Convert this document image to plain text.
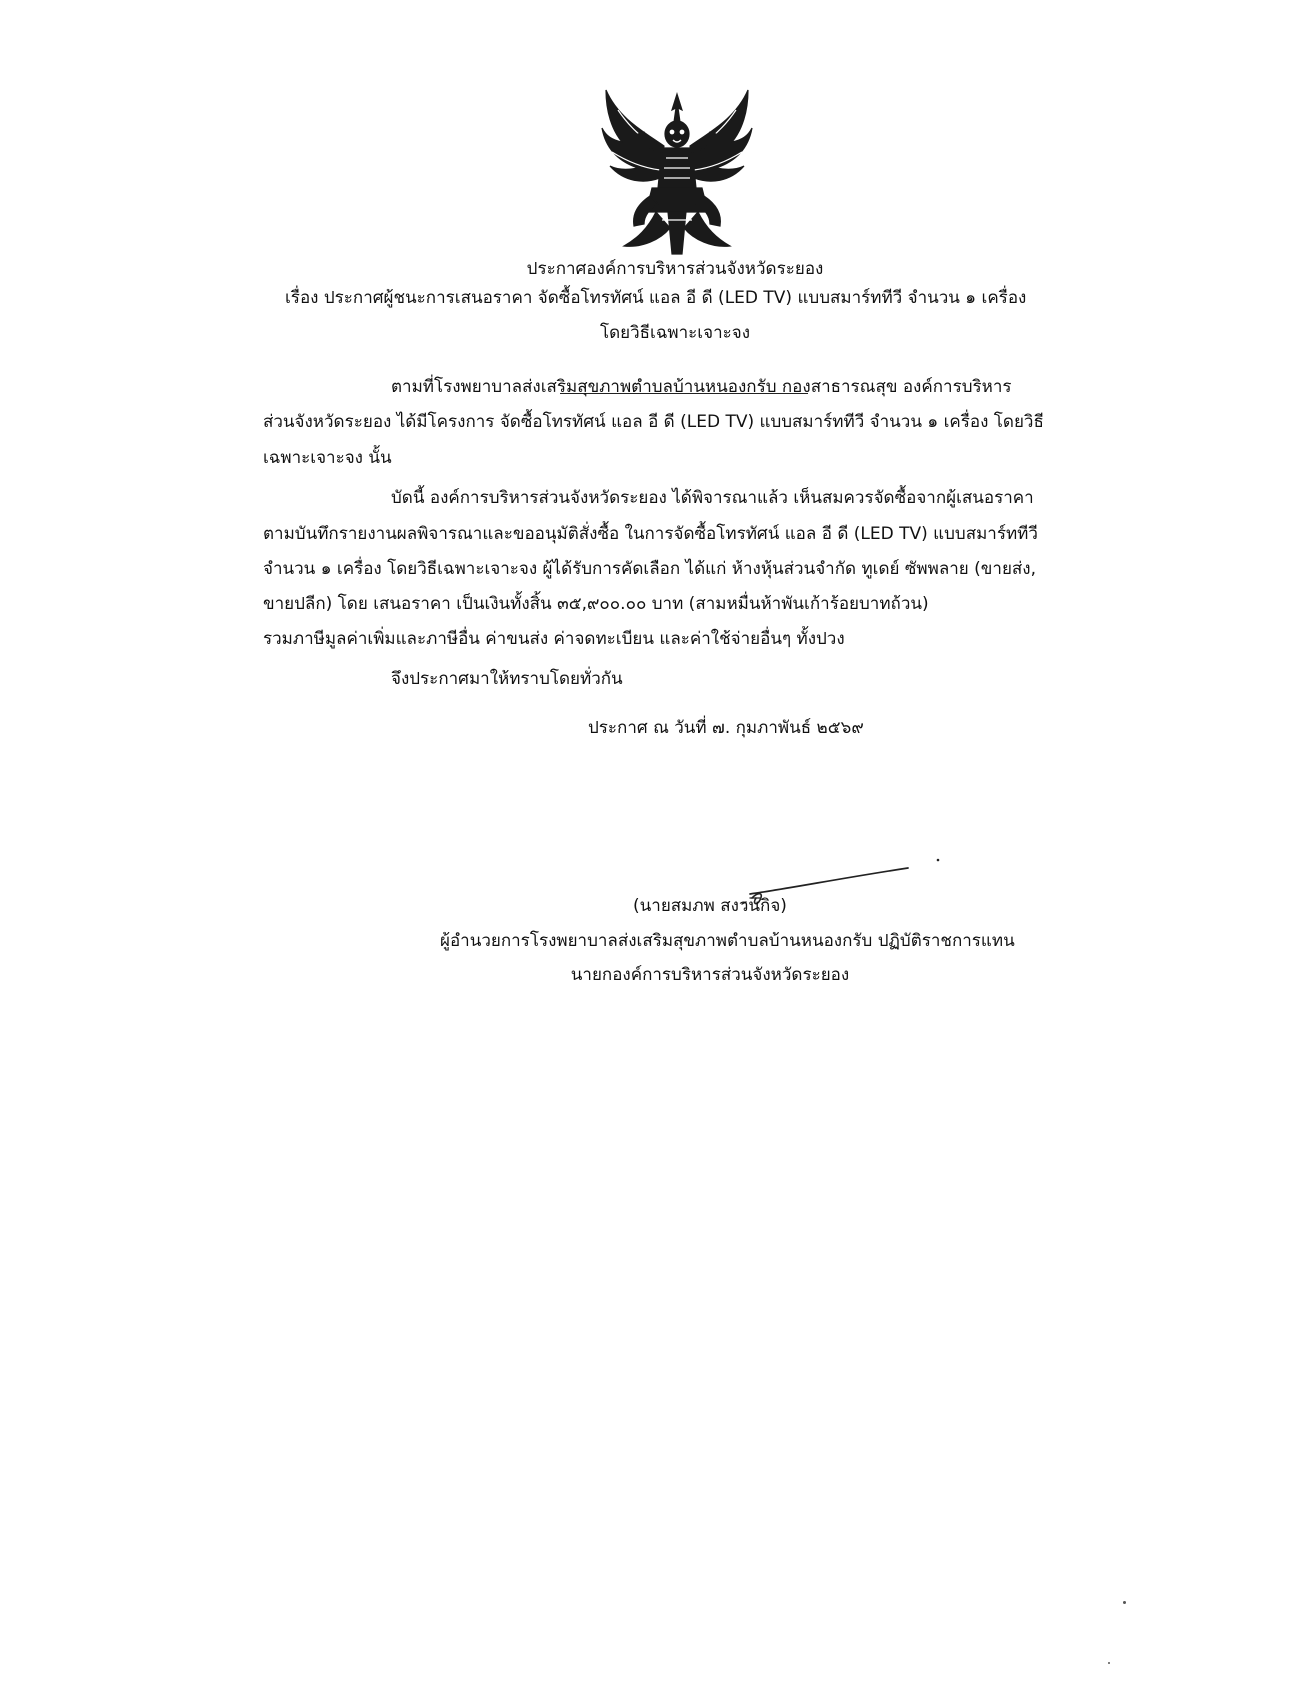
ประกาศองค์การบริหารส่วนจังหวัดระยอง
เรื่อง ประกาศผู้ชนะการเสนอราคา จัดซื้อโทรทัศน์ แอล อี ดี (LED TV) แบบสมาร์ททีวี จำนวน ๑ เครื่อง
โดยวิธีเฉพาะเจาะจง
ตามที่โรงพยาบาลส่งเสริมสุขภาพตำบลบ้านหนองกรับ กองสาธารณสุข องค์การบริหาร
ส่วนจังหวัดระยอง ได้มีโครงการ จัดซื้อโทรทัศน์ แอล อี ดี (LED TV) แบบสมาร์ททีวี จำนวน ๑ เครื่อง โดยวิธี
เฉพาะเจาะจง นั้น
บัดนี้ องค์การบริหารส่วนจังหวัดระยอง ได้พิจารณาแล้ว เห็นสมควรจัดซื้อจากผู้เสนอราคา
ตามบันทึกรายงานผลพิจารณาและขออนุมัติสั่งซื้อ ในการจัดซื้อโทรทัศน์ แอล อี ดี (LED TV) แบบสมาร์ททีวี
จำนวน ๑ เครื่อง โดยวิธีเฉพาะเจาะจง ผู้ได้รับการคัดเลือก ได้แก่ ห้างหุ้นส่วนจำกัด ทูเดย์ ซัพพลาย (ขายส่ง,
ขายปลีก) โดย เสนอราคา เป็นเงินทั้งสิ้น ๓๕,๙๐๐.๐๐ บาท (สามหมื่นห้าพันเก้าร้อยบาทถ้วน)
รวมภาษีมูลค่าเพิ่มและภาษีอื่น ค่าขนส่ง ค่าจดทะเบียน และค่าใช้จ่ายอื่นๆ ทั้งปวง
จึงประกาศมาให้ทราบโดยทั่วกัน
ประกาศ ณ วันที่ ๗. กุมภาพันธ์ ๒๕๖๙
(นายสมภพ สงวนกิจ)
ผู้อำนวยการโรงพยาบาลส่งเสริมสุขภาพตำบลบ้านหนองกรับ ปฏิบัติราชการแทน
นายกองค์การบริหารส่วนจังหวัดระยอง
